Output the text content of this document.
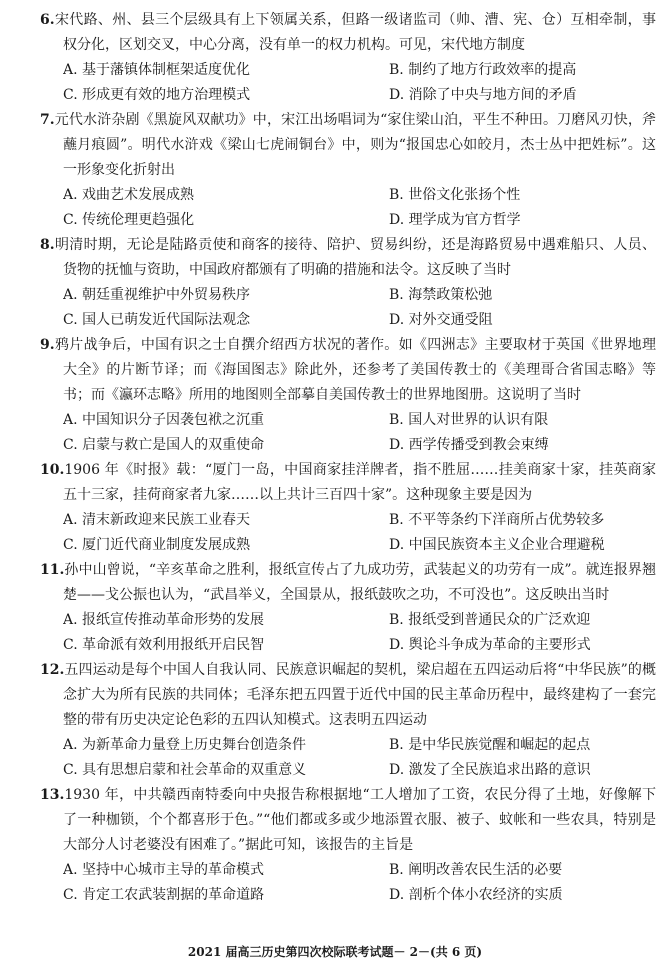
6.宋代路、州、县三个层级具有上下领属关系，但路一级诸监司（帅、漕、宪、仓）互相牵制，事权分化，区划交叉，中心分离，没有单一的权力机构。可见，宋代地方制度

A. 基于藩镇体制框架适度优化	B. 制约了地方行政效率的提高
C. 形成更有效的地方治理模式	D. 消除了中央与地方间的矛盾

7.元代水浒杂剧《黑旋风双献功》中，宋江出场唱词为“家住梁山泊，平生不种田。刀磨风刃快，斧蘸月痕圆”。明代水浒戏《梁山七虎闹铜台》中，则为“报国忠心如皎月，杰士丛中把姓标”。这一形象变化折射出

A. 戏曲艺术发展成熟	B. 世俗文化张扬个性
C. 传统伦理更趋强化	D. 理学成为官方哲学

8.明清时期，无论是陆路贡使和商客的接待、陪护、贸易纠纷，还是海路贸易中遇难船只、人员、货物的抚恤与资助，中国政府都颁有了明确的措施和法令。这反映了当时

A. 朝廷重视维护中外贸易秩序	B. 海禁政策松弛
C. 国人已萌发近代国际法观念	D. 对外交通受阻

9.鸦片战争后，中国有识之士自撰介绍西方状况的著作。如《四洲志》主要取材于英国《世界地理大全》的片断节译；而《海国图志》除此外，还参考了美国传教士的《美理哥合省国志略》等书；而《瀛环志略》所用的地图则全部摹自美国传教士的世界地图册。这说明了当时

A. 中国知识分子因袭包袱之沉重	B. 国人对世界的认识有限
C. 启蒙与救亡是国人的双重使命	D. 西学传播受到教会束缚

10.1906 年《时报》载：“厦门一岛，中国商家挂洋牌者，指不胜屈……挂美商家十家，挂英商家五十三家，挂荷商家者九家……以上共计三百四十家”。这种现象主要是因为

A. 清末新政迎来民族工业春天	B. 不平等条约下洋商所占优势较多
C. 厦门近代商业制度发展成熟	D. 中国民族资本主义企业合理避税

11.孙中山曾说，“辛亥革命之胜利，报纸宣传占了九成功劳，武装起义的功劳有一成”。就连报界翘楚——戈公振也认为，“武昌举义，全国景从，报纸鼓吹之功，不可没也”。这反映出当时

A. 报纸宣传推动革命形势的发展	B. 报纸受到普通民众的广泛欢迎
C. 革命派有效利用报纸开启民智	D. 舆论斗争成为革命的主要形式

12.五四运动是每个中国人自我认同、民族意识崛起的契机，梁启超在五四运动后将“中华民族”的概念扩大为所有民族的共同体；毛泽东把五四置于近代中国的民主革命历程中，最终建构了一套完整的带有历史决定论色彩的五四认知模式。这表明五四运动

A. 为新革命力量登上历史舞台创造条件	B. 是中华民族觉醒和崛起的起点
C. 具有思想启蒙和社会革命的双重意义	D. 激发了全民族追求出路的意识

13.1930 年，中共赣西南特委向中央报告称根据地“工人增加了工资，农民分得了土地，好像解下了一种枷锁，个个都喜形于色。”“他们都或多或少地添置衣服、被子、蚊帐和一些农具，特别是大部分人讨老婆没有困难了。”据此可知，该报告的主旨是

A. 坚持中心城市主导的革命模式	B. 阐明改善农民生活的必要
C. 肯定工农武装割据的革命道路	D. 剖析个体小农经济的实质
2021 届高三历史第四次校际联考试题－ 2－(共 6 页)
